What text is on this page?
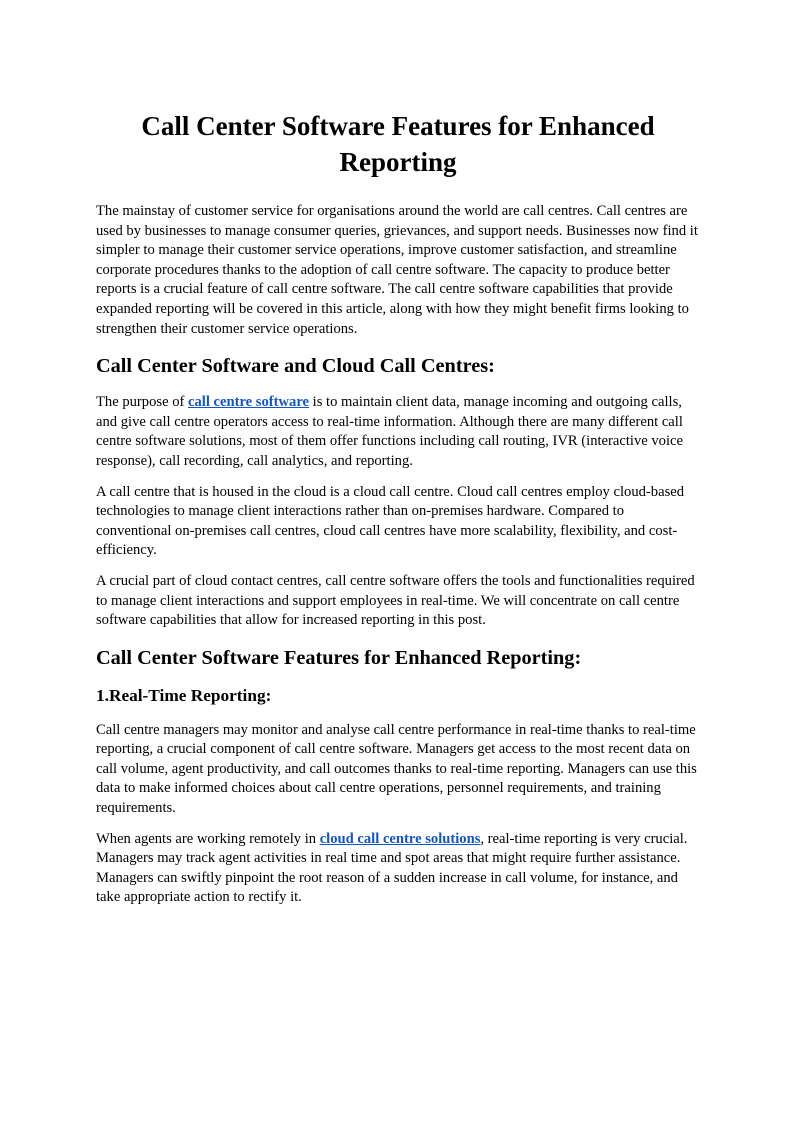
Call Center Software Features for Enhanced Reporting

The mainstay of customer service for organisations around the world are call centres. Call centres are used by businesses to manage consumer queries, grievances, and support needs. Businesses now find it simpler to manage their customer service operations, improve customer satisfaction, and streamline corporate procedures thanks to the adoption of call centre software. The capacity to produce better reports is a crucial feature of call centre software. The call centre software capabilities that provide expanded reporting will be covered in this article, along with how they might benefit firms looking to strengthen their customer service operations.

Call Center Software and Cloud Call Centres:

The purpose of call centre software is to maintain client data, manage incoming and outgoing calls, and give call centre operators access to real-time information. Although there are many different call centre software solutions, most of them offer functions including call routing, IVR (interactive voice response), call recording, call analytics, and reporting.

A call centre that is housed in the cloud is a cloud call centre. Cloud call centres employ cloud-based technologies to manage client interactions rather than on-premises hardware. Compared to conventional on-premises call centres, cloud call centres have more scalability, flexibility, and cost-efficiency.

A crucial part of cloud contact centres, call centre software offers the tools and functionalities required to manage client interactions and support employees in real-time. We will concentrate on call centre software capabilities that allow for increased reporting in this post.

Call Center Software Features for Enhanced Reporting:
1.Real-Time Reporting:

Call centre managers may monitor and analyse call centre performance in real-time thanks to real-time reporting, a crucial component of call centre software. Managers get access to the most recent data on call volume, agent productivity, and call outcomes thanks to real-time reporting. Managers can use this data to make informed choices about call centre operations, personnel requirements, and training requirements.

When agents are working remotely in cloud call centre solutions, real-time reporting is very crucial. Managers may track agent activities in real time and spot areas that might require further assistance. Managers can swiftly pinpoint the root reason of a sudden increase in call volume, for instance, and take appropriate action to rectify it.
